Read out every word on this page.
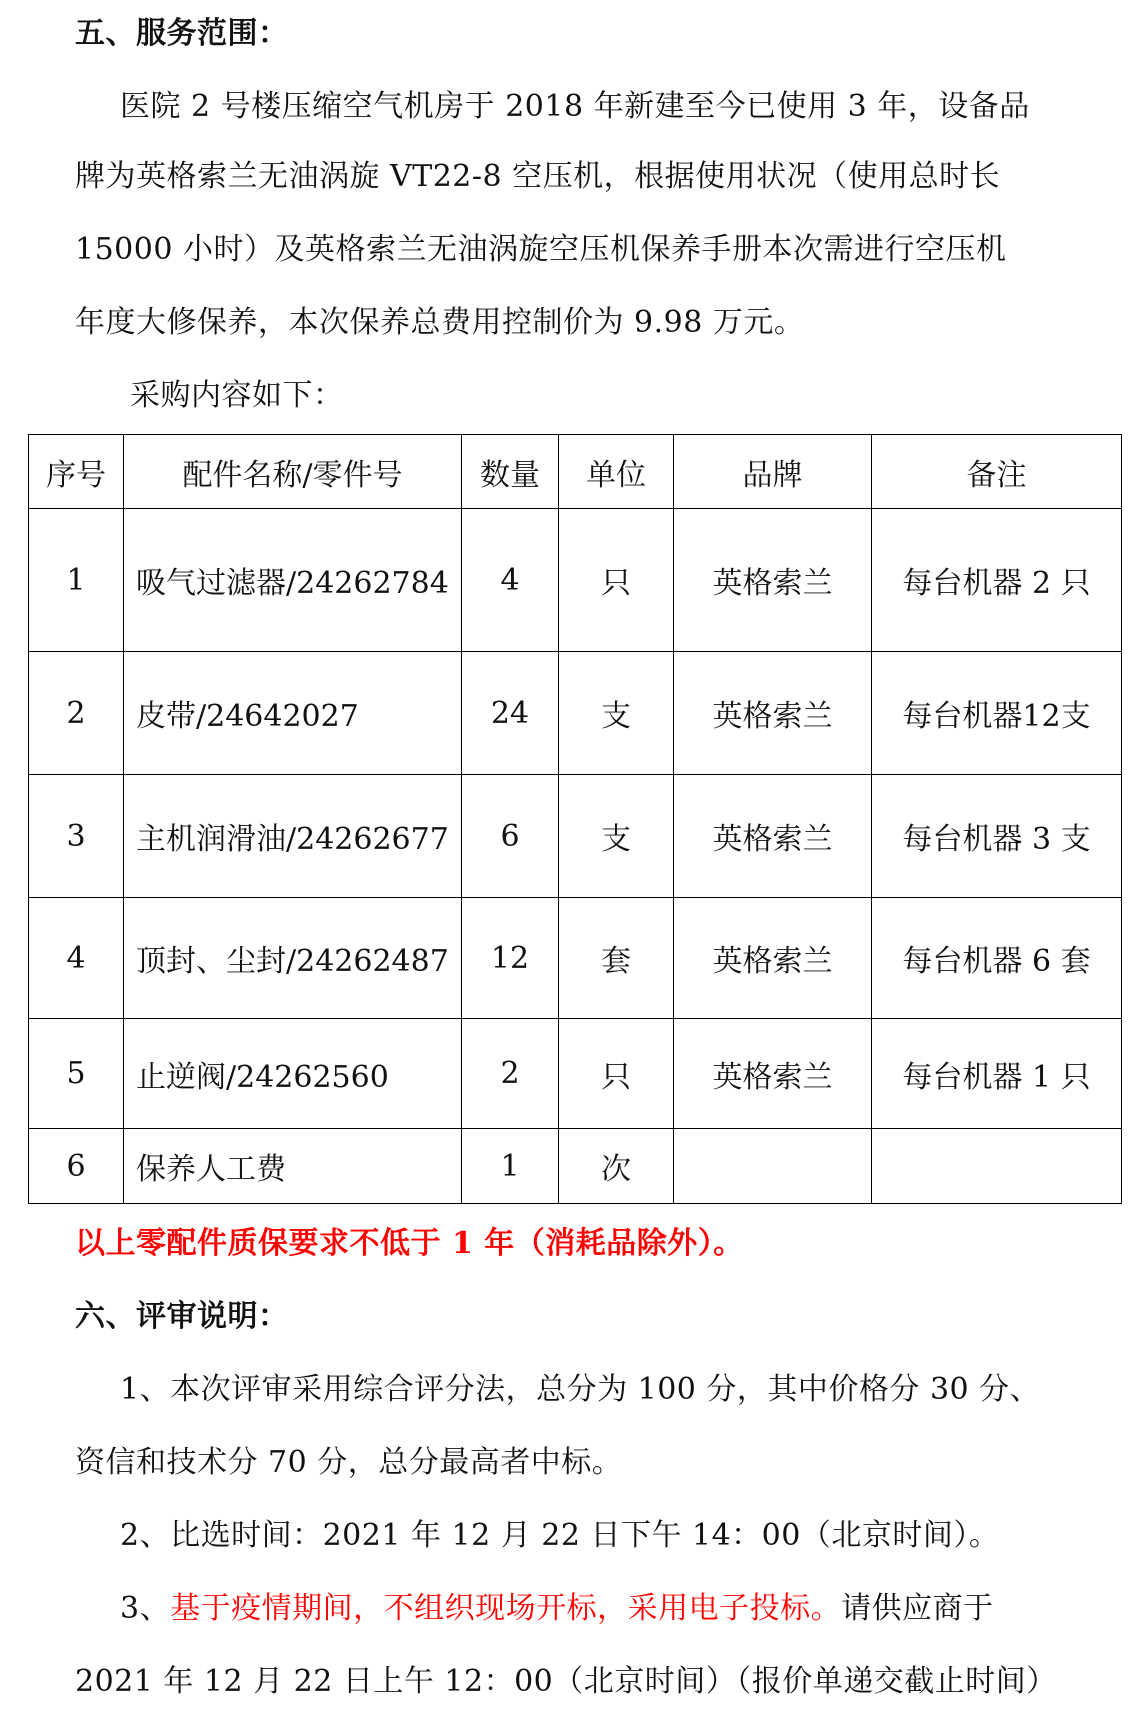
五、服务范围：
医院 2 号楼压缩空气机房于 2018 年新建至今已使用 3 年，设备品
牌为英格索兰无油涡旋 VT22-8 空压机，根据使用状况（使用总时长
15000 小时）及英格索兰无油涡旋空压机保养手册本次需进行空压机
年度大修保养，本次保养总费用控制价为 9.98 万元。
采购内容如下：
序号	配件名称/零件号	数量	单位	品牌	备注
1	吸气过滤器/24262784	4	只	英格索兰	每台机器 2 只
2	皮带/24642027	24	支	英格索兰	每台机器12支
3	主机润滑油/24262677	6	支	英格索兰	每台机器 3 支
4	顶封、尘封/24262487	12	套	英格索兰	每台机器 6 套
5	止逆阀/24262560	2	只	英格索兰	每台机器 1 只
6	保养人工费	1	次		
以上零配件质保要求不低于 1 年（消耗品除外）。
六、评审说明：
1、本次评审采用综合评分法，总分为 100 分，其中价格分 30 分、
资信和技术分 70 分，总分最高者中标。
2、比选时间：2021 年 12 月 22 日下午 14：00（北京时间）。
3、基于疫情期间，不组织现场开标，采用电子投标。请供应商于
2021 年 12 月 22 日上午 12：00（北京时间）（报价单递交截止时间）
